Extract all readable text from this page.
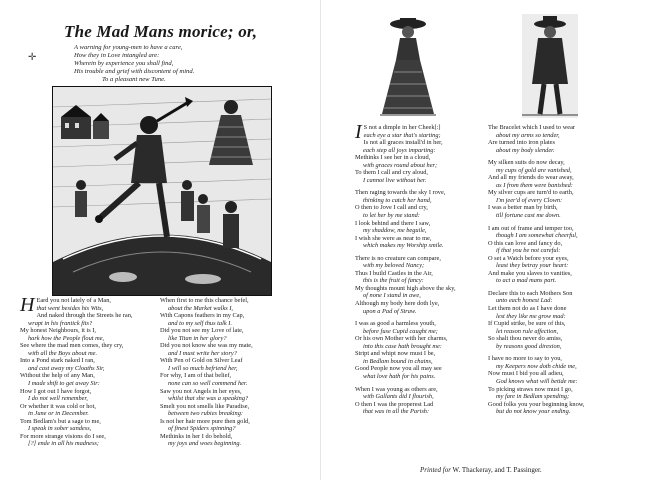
✛
The Mad Mans morice; or,
A warning for young-men to have a care,
How they in Love intangled are:
Wherein by experience you shall find,
His trouble and grief with discontent of mind.
To a pleasant new Tune.
H Eard you not lately of a Man,
that went besides his Wits,
And naked through the Streets he ran,
wrapt in his frantick fits?
My honest Neighbours, it is I,
hark how the People flout me,
See where the mad men comes, they cry,
with all the Boys about me.
Into a Pond stark naked I ran,
and cast away my Cloaths Sir,
Without the help of any Man,
I made shift to get away Sir:
How I got out I have forgot,
I do not well remember,
Or whether it was cold or hot,
in June or in December.
Tom Bedlam's but a sage to me,
I speak in sober sandess,
For more strange visions do I see,
[?] ende in all his madness;
When first to me this chance befel,
about the Market walks I,
With Capons feathers in my Cap,
and to my self thus talk I.
Did you not see my Love of late,
like Titan in her glory?
Did you not know she was my mate,
and I must write her story?
With Pen of Gold on Silver Leaf
I will so much befriend her,
For why, I am of that belief,
none can so well commend her.
Saw you not Angels in her eyes,
whilst that she was a speaking?
Smelt you not smells like Paradise,
between two rubies breaking:
Is not her hair more pure then gold,
of finest Spiders spinning?
Methinks in her I do behold,
my joys and woes beginning.
I S not a dimple in her Cheek[:]
each eye a star that's starting;
Is not all graces install'd in her,
each step all joys imparting:
Methinks I see her in a cloud,
with graces round about her;
To them I call and cry aloud,
I cannot live without her.
Then raging towards the sky I rove,
thinking to catch her hand,
O then to Jove I call and cry,
to let her by me stand:
I look behind and there I saw,
my shaddow, me beguile,
I wish she were as near to me,
which makes my Worship smile.
There is no creature can compare,
with my beloved Nancy;
Thus I build Castles in the Air,
this is the fruit of fancy:
My thoughts mount high above the sky,
of none I stand in awe,
Although my body here doth lye,
upon a Pad of Straw.
I was as good a harmless youth,
before fuse Cupid caught me;
Or his own Mother with her charms,
into this case hath brought me:
Stript and whipt now must I be,
in Bedlam bound in chains,
Good People now you all may see
what love hath for his pains.
When I was young as others are,
with Gallants did I flourish,
O then I was the properest Lad
that was in all the Parish:
The Bracelet which I used to wear
about my arms so tender,
Are turned into iron plates
about my body slender.
My silken suits do now decay,
my cups of gold are vanished,
And all my friends do wear away,
as I from them were banished:
My silver cups are turn'd to earth,
I'm jeer'd of every Clown:
I was a better man by birth,
till fortune cast me down.
I am out of frame and temper too,
though I am somewhat cheerful,
O this can love and fancy do,
if that you be not careful:
O set a Watch before your eyes,
least they betray your heart:
And make you slaves to vanities,
to act a mad mans part.
Declare this to each Mothers Son
unto each honest Lad:
Let them not do as I have done
lest they like me grow mad:
If Cupid strike, be sure of this,
let reason rule affection,
So shalt thou never do amiss,
by reasons good direxion,
I have no more to say to you,
my Keepers now doth chide me,
Now must I bid you all adieu,
God knows what will betide me:
To picking straws now must I go,
my fare in Bedlam spending;
Good folks you your beginning know,
but do not know your ending.
Printed for W. Thackeray, and T. Passinger.
